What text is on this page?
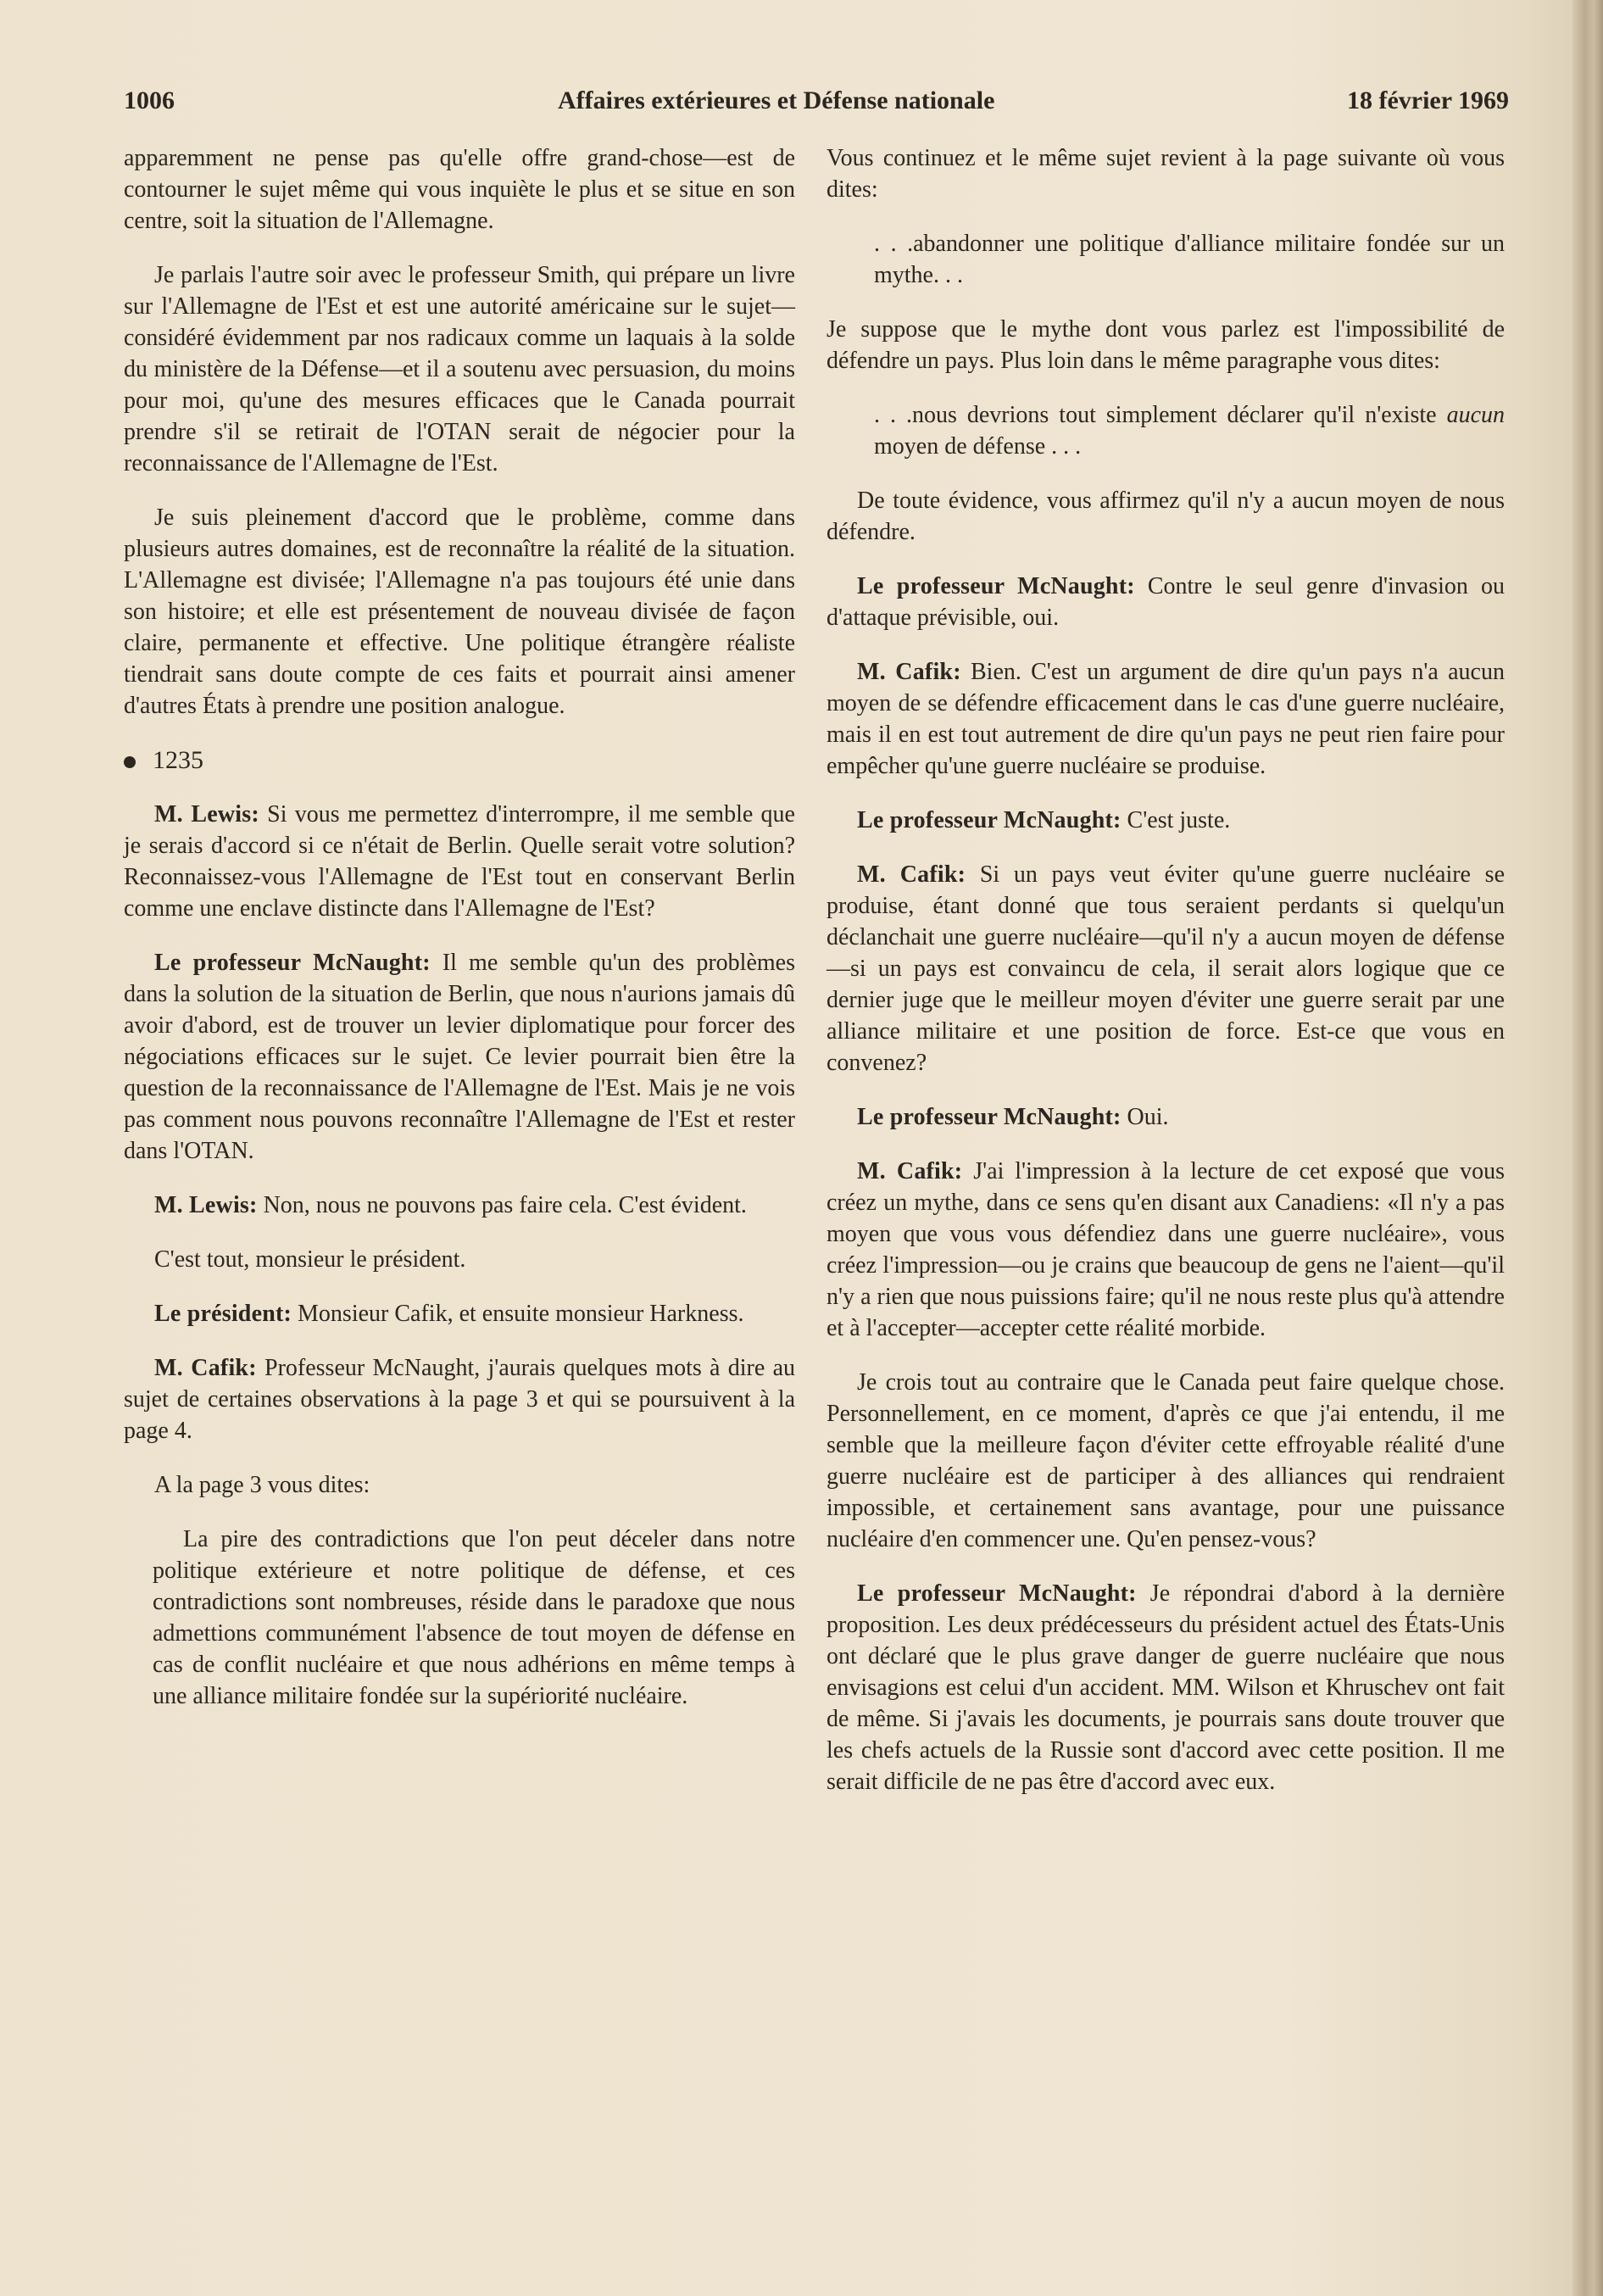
1006	Affaires extérieures et Défense nationale	18 février 1969

apparemment ne pense pas qu'elle offre grand-chose—est de contourner le sujet même qui vous inquiète le plus et se situe en son centre, soit la situation de l'Allemagne.

Je parlais l'autre soir avec le professeur Smith, qui prépare un livre sur l'Allemagne de l'Est et est une autorité américaine sur le sujet—considéré évidemment par nos radicaux comme un laquais à la solde du ministère de la Défense—et il a soutenu avec persuasion, du moins pour moi, qu'une des mesures efficaces que le Canada pourrait prendre s'il se retirait de l'OTAN serait de négocier pour la reconnaissance de l'Allemagne de l'Est.

Je suis pleinement d'accord que le problème, comme dans plusieurs autres domaines, est de reconnaître la réalité de la situation. L'Allemagne est divisée; l'Allemagne n'a pas toujours été unie dans son histoire; et elle est présentement de nouveau divisée de façon claire, permanente et effective. Une politique étrangère réaliste tiendrait sans doute compte de ces faits et pourrait ainsi amener d'autres États à prendre une position analogue.

1235

M. Lewis: Si vous me permettez d'interrompre, il me semble que je serais d'accord si ce n'était de Berlin. Quelle serait votre solution? Reconnaissez-vous l'Allemagne de l'Est tout en conservant Berlin comme une enclave distincte dans l'Allemagne de l'Est?

Le professeur McNaught: Il me semble qu'un des problèmes dans la solution de la situation de Berlin, que nous n'aurions jamais dû avoir d'abord, est de trouver un levier diplomatique pour forcer des négociations efficaces sur le sujet. Ce levier pourrait bien être la question de la reconnaissance de l'Allemagne de l'Est. Mais je ne vois pas comment nous pouvons reconnaître l'Allemagne de l'Est et rester dans l'OTAN.

M. Lewis: Non, nous ne pouvons pas faire cela. C'est évident.

C'est tout, monsieur le président.

Le président: Monsieur Cafik, et ensuite monsieur Harkness.

M. Cafik: Professeur McNaught, j'aurais quelques mots à dire au sujet de certaines observations à la page 3 et qui se poursuivent à la page 4.

A la page 3 vous dites:

La pire des contradictions que l'on peut déceler dans notre politique extérieure et notre politique de défense, et ces contradictions sont nombreuses, réside dans le paradoxe que nous admettions communément l'absence de tout moyen de défense en cas de conflit nucléaire et que nous adhérions en même temps à une alliance militaire fondée sur la supériorité nucléaire.

Vous continuez et le même sujet revient à la page suivante où vous dites:

. . .abandonner une politique d'alliance militaire fondée sur un mythe. . .

Je suppose que le mythe dont vous parlez est l'impossibilité de défendre un pays. Plus loin dans le même paragraphe vous dites:

. . .nous devrions tout simplement déclarer qu'il n'existe aucun moyen de défense . . .

De toute évidence, vous affirmez qu'il n'y a aucun moyen de nous défendre.

Le professeur McNaught: Contre le seul genre d'invasion ou d'attaque prévisible, oui.

M. Cafik: Bien. C'est un argument de dire qu'un pays n'a aucun moyen de se défendre efficacement dans le cas d'une guerre nucléaire, mais il en est tout autrement de dire qu'un pays ne peut rien faire pour empêcher qu'une guerre nucléaire se produise.

Le professeur McNaught: C'est juste.

M. Cafik: Si un pays veut éviter qu'une guerre nucléaire se produise, étant donné que tous seraient perdants si quelqu'un déclanchait une guerre nucléaire—qu'il n'y a aucun moyen de défense—si un pays est convaincu de cela, il serait alors logique que ce dernier juge que le meilleur moyen d'éviter une guerre serait par une alliance militaire et une position de force. Est-ce que vous en convenez?

Le professeur McNaught: Oui.

M. Cafik: J'ai l'impression à la lecture de cet exposé que vous créez un mythe, dans ce sens qu'en disant aux Canadiens: «Il n'y a pas moyen que vous vous défendiez dans une guerre nucléaire», vous créez l'impression—ou je crains que beaucoup de gens ne l'aient—qu'il n'y a rien que nous puissions faire; qu'il ne nous reste plus qu'à attendre et à l'accepter—accepter cette réalité morbide.

Je crois tout au contraire que le Canada peut faire quelque chose. Personnellement, en ce moment, d'après ce que j'ai entendu, il me semble que la meilleure façon d'éviter cette effroyable réalité d'une guerre nucléaire est de participer à des alliances qui rendraient impossible, et certainement sans avantage, pour une puissance nucléaire d'en commencer une. Qu'en pensez-vous?

Le professeur McNaught: Je répondrai d'abord à la dernière proposition. Les deux prédécesseurs du président actuel des États-Unis ont déclaré que le plus grave danger de guerre nucléaire que nous envisagions est celui d'un accident. MM. Wilson et Khruschev ont fait de même. Si j'avais les documents, je pourrais sans doute trouver que les chefs actuels de la Russie sont d'accord avec cette position. Il me serait difficile de ne pas être d'accord avec eux.
